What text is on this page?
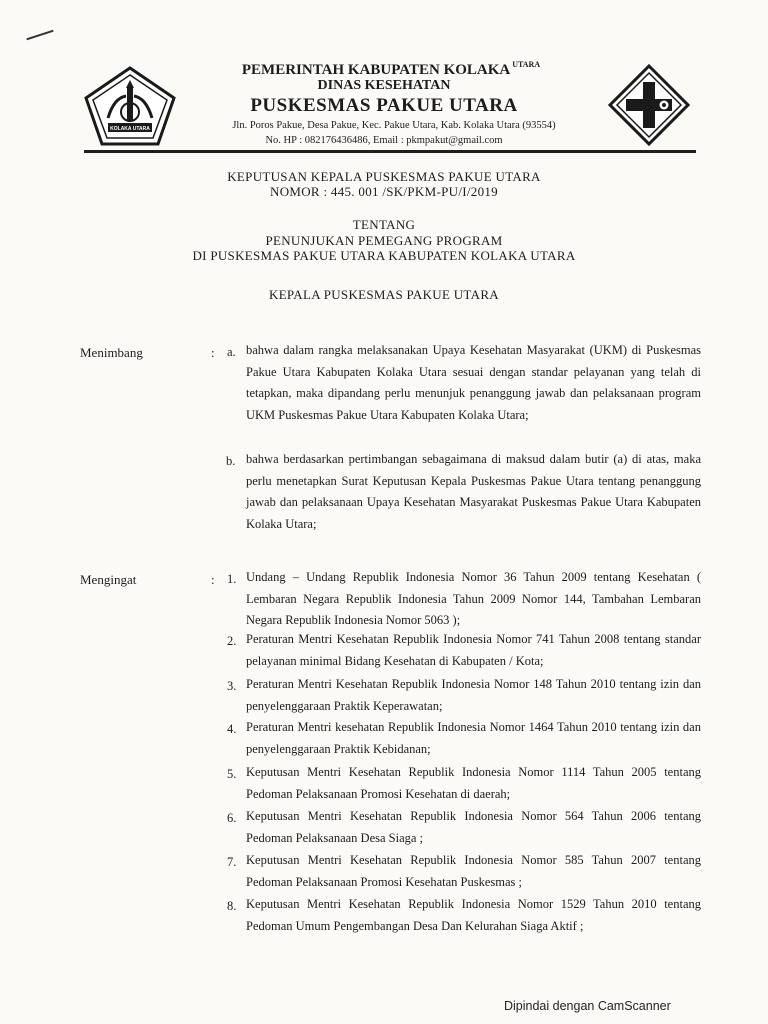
KOLAKA UTARA
PEMERINTAH KABUPATEN KOLAKA $^{UTARA}$
DINAS KESEHATAN
PUSKESMAS PAKUE UTARA
Jln. Poros Pakue, Desa Pakue, Kec. Pakue Utara, Kab. Kolaka Utara (93554)
No. HP : 082176436486, Email : pkmpakut@gmail.com
KEPUTUSAN KEPALA PUSKESMAS PAKUE UTARA
NOMOR : 445. 001 /SK/PKM-PU/I/2019
TENTANG
PENUNJUKAN PEMEGANG PROGRAM
DI PUSKESMAS PAKUE UTARA KABUPATEN KOLAKA UTARA
KEPALA PUSKESMAS PAKUE UTARA
Menimbang	: a. bahwa dalam rangka melaksanakan Upaya Kesehatan Masyarakat (UKM) di Puskesmas Pakue Utara Kabupaten Kolaka Utara sesuai dengan standar pelayanan yang telah di tetapkan, maka dipandang perlu menunjuk penanggung jawab dan pelaksanaan program UKM Puskesmas Pakue Utara Kabupaten Kolaka Utara;
b. bahwa berdasarkan pertimbangan sebagaimana di maksud dalam butir (a) di atas, maka perlu menetapkan Surat Keputusan Kepala Puskesmas Pakue Utara tentang penanggung jawab dan pelaksanaan Upaya Kesehatan Masyarakat Puskesmas Pakue Utara Kabupaten Kolaka Utara;
Mengingat	: 1. Undang – Undang Republik Indonesia Nomor 36 Tahun 2009 tentang Kesehatan ( Lembaran Negara Republik Indonesia Tahun 2009 Nomor 144, Tambahan Lembaran Negara Republik Indonesia Nomor 5063 );
2. Peraturan Mentri Kesehatan Republik Indonesia Nomor 741 Tahun 2008 tentang standar pelayanan minimal Bidang Kesehatan di Kabupaten / Kota;
3. Peraturan Mentri Kesehatan Republik Indonesia Nomor 148 Tahun 2010 tentang izin dan penyelenggaraan Praktik Keperawatan;
4. Peraturan Mentri kesehatan Republik Indonesia Nomor 1464 Tahun 2010 tentang izin dan penyelenggaraan Praktik Kebidanan;
5. Keputusan Mentri Kesehatan Republik Indonesia Nomor 1114 Tahun 2005 tentang Pedoman Pelaksanaan Promosi Kesehatan di daerah;
6. Keputusan Mentri Kesehatan Republik Indonesia Nomor 564 Tahun 2006 tentang Pedoman Pelaksanaan Desa Siaga ;
7. Keputusan Mentri Kesehatan Republik Indonesia Nomor 585 Tahun 2007 tentang Pedoman Pelaksanaan Promosi Kesehatan Puskesmas ;
8. Keputusan Mentri Kesehatan Republik Indonesia Nomor 1529 Tahun 2010 tentang Pedoman Umum Pengembangan Desa Dan Kelurahan Siaga Aktif ;
Dipindai dengan CamScanner
